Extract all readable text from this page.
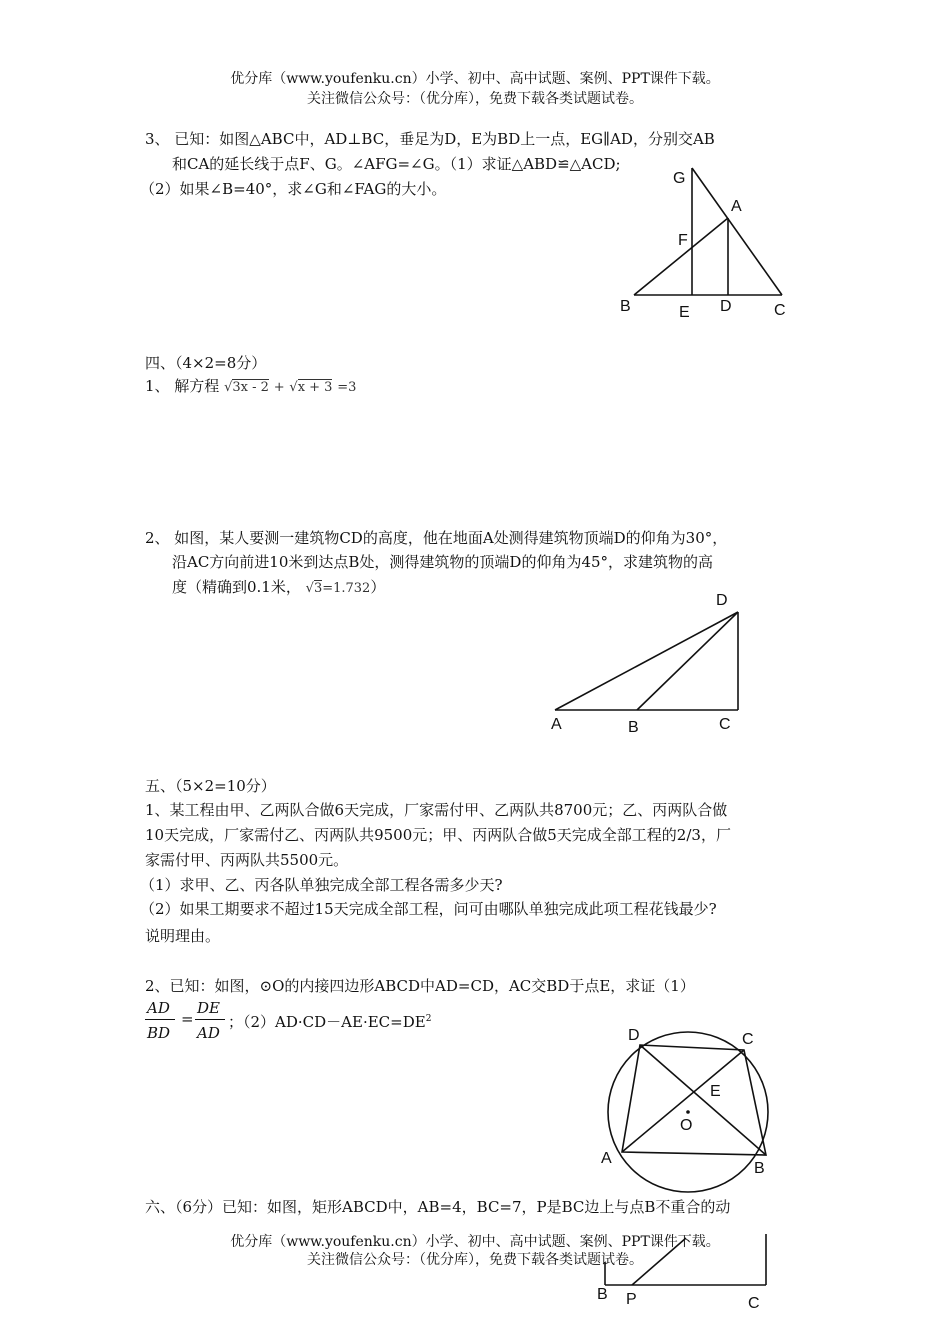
优分库（www.youfenku.cn）小学、初中、高中试题、案例、PPT课件下载。
关注微信公众号：（优分库），免费下载各类试题试卷。
3、 已知：如图△ABC中，AD⊥BC，垂足为D，E为BD上一点，EG∥AD，分别交AB
和CA的延长线于点F、G。∠AFG=∠G。（1）求证△ABD≌△ACD;
（2）如果∠B=40°，求∠G和∠FAG的大小。
G
A
F
B	E D	C
四、（4×2=8分）
1、 解方程 √3x - 2 + √x + 3 =3
2、 如图，某人要测一建筑物CD的高度，他在地面A处测得建筑物顶端D的仰角为30°，
沿AC方向前进10米到达点B处，测得建筑物的顶端D的仰角为45°，求建筑物的高
度（精确到0.1米， √3=1.732）
D
A	B	C
五、（5×2=10分）
1、某工程由甲、乙两队合做6天完成，厂家需付甲、乙两队共8700元；乙、丙两队合做
10天完成，厂家需付乙、丙两队共9500元；甲、丙两队合做5天完成全部工程的2/3，厂
家需付甲、丙两队共5500元。
（1）求甲、乙、丙各队单独完成全部工程各需多少天?
（2）如果工期要求不超过15天完成全部工程，问可由哪队单独完成此项工程花钱最少?
说明理由。
2、已知：如图，⊙O的内接四边形ABCD中AD=CD，AC交BD于点E，求证（1）
AD
BD
=
DE
AD
；$(2)AD\cdot CD-AE\cdot EC=DE^2$
D	C
E
O
A
B
六、（6分）已知：如图，矩形ABCD中，AB=4，BC=7，P是BC边上与点B不重合的动
优分库（www.youfenku.cn）小学、初中、高中试题、案例、PPT课件下载。
关注微信公众号：（优分库），免费下载各类试题试卷。
B P	C
